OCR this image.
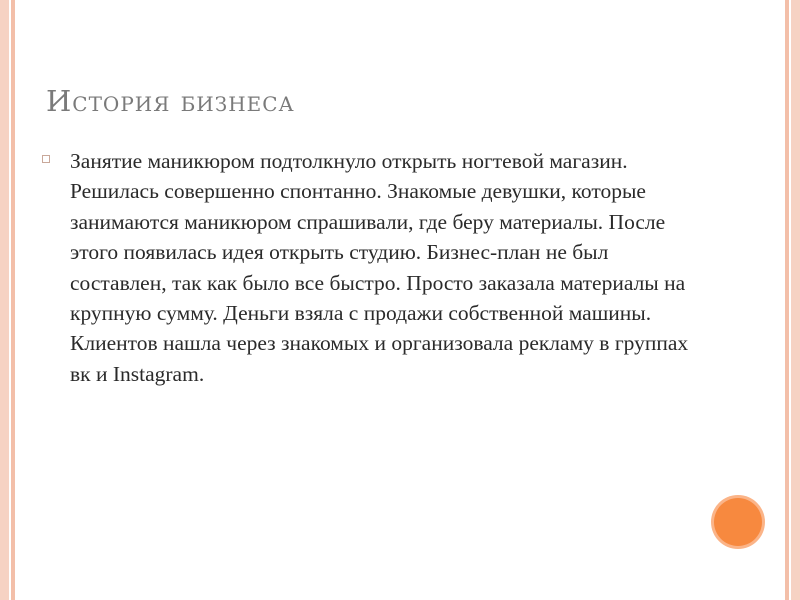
История бизнеса

Занятие маникюром подтолкнуло открыть ногтевой магазин. Решилась совершенно спонтанно. Знакомые девушки, которые занимаются маникюром спрашивали, где беру материалы. После этого появилась идея открыть студию. Бизнес-план не был составлен, так как было все быстро. Просто заказала материалы на крупную сумму. Деньги взяла с продажи собственной машины. Клиентов нашла через знакомых и организовала рекламу в группах вк и Instagram.
